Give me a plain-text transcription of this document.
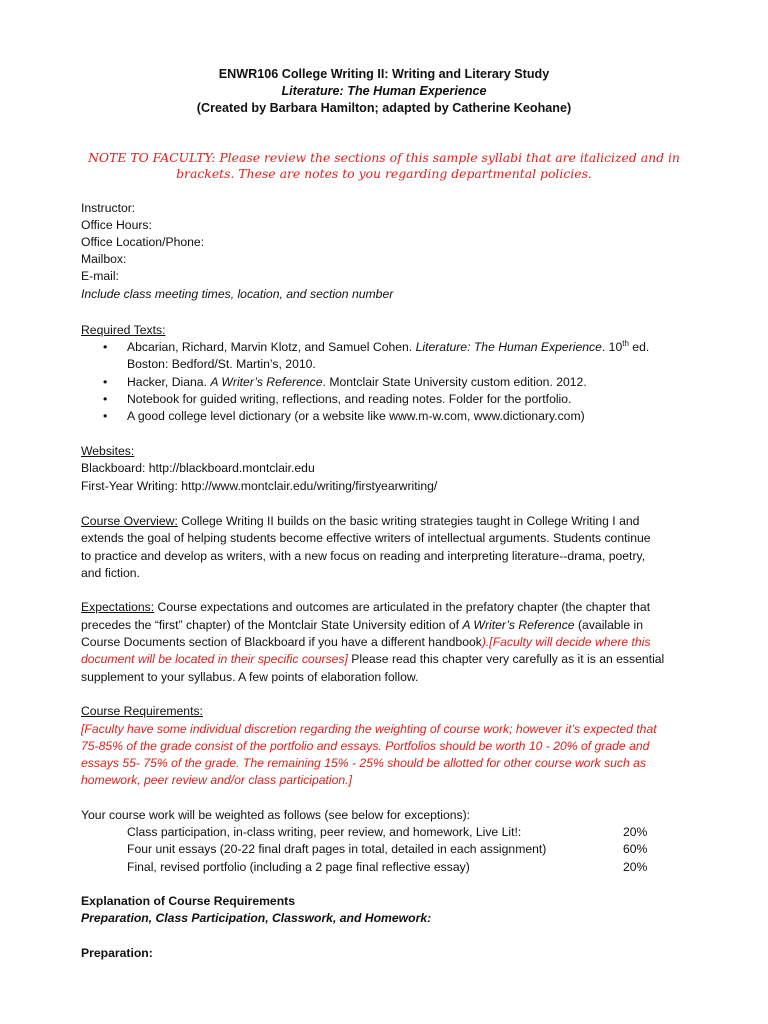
ENWR106 College Writing II: Writing and Literary Study
Literature: The Human Experience
(Created by Barbara Hamilton; adapted by Catherine Keohane)
NOTE TO FACULTY: Please review the sections of this sample syllabi that are italicized and in
brackets. These are notes to you regarding departmental policies.
Instructor:
Office Hours:
Office Location/Phone:
Mailbox:
E-mail:
Include class meeting times, location, and section number
Required Texts:
• Abcarian, Richard, Marvin Klotz, and Samuel Cohen. Literature: The Human Experience. 10th ed.
Boston: Bedford/St. Martin’s, 2010.
• Hacker, Diana. A Writer’s Reference. Montclair State University custom edition. 2012.
• Notebook for guided writing, reflections, and reading notes. Folder for the portfolio.
• A good college level dictionary (or a website like www.m-w.com, www.dictionary.com)
Websites:
Blackboard: http://blackboard.montclair.edu
First-Year Writing: http://www.montclair.edu/writing/firstyearwriting/
Course Overview: College Writing II builds on the basic writing strategies taught in College Writing I and
extends the goal of helping students become effective writers of intellectual arguments. Students continue
to practice and develop as writers, with a new focus on reading and interpreting literature--drama, poetry,
and fiction.
Expectations: Course expectations and outcomes are articulated in the prefatory chapter (the chapter that
precedes the “first” chapter) of the Montclair State University edition of A Writer’s Reference (available in
Course Documents section of Blackboard if you have a different handbook).[Faculty will decide where this
document will be located in their specific courses] Please read this chapter very carefully as it is an essential
supplement to your syllabus. A few points of elaboration follow.
Course Requirements:
[Faculty have some individual discretion regarding the weighting of course work; however it’s expected that
75-85% of the grade consist of the portfolio and essays. Portfolios should be worth 10 - 20% of grade and
essays 55- 75% of the grade. The remaining 15% - 25% should be allotted for other course work such as
homework, peer review and/or class participation.]
Your course work will be weighted as follows (see below for exceptions):
Class participation, in-class writing, peer review, and homework, Live Lit!:	20%
Four unit essays (20-22 final draft pages in total, detailed in each assignment)	60%
Final, revised portfolio (including a 2 page final reflective essay)	20%
Explanation of Course Requirements
Preparation, Class Participation, Classwork, and Homework:
Preparation:
